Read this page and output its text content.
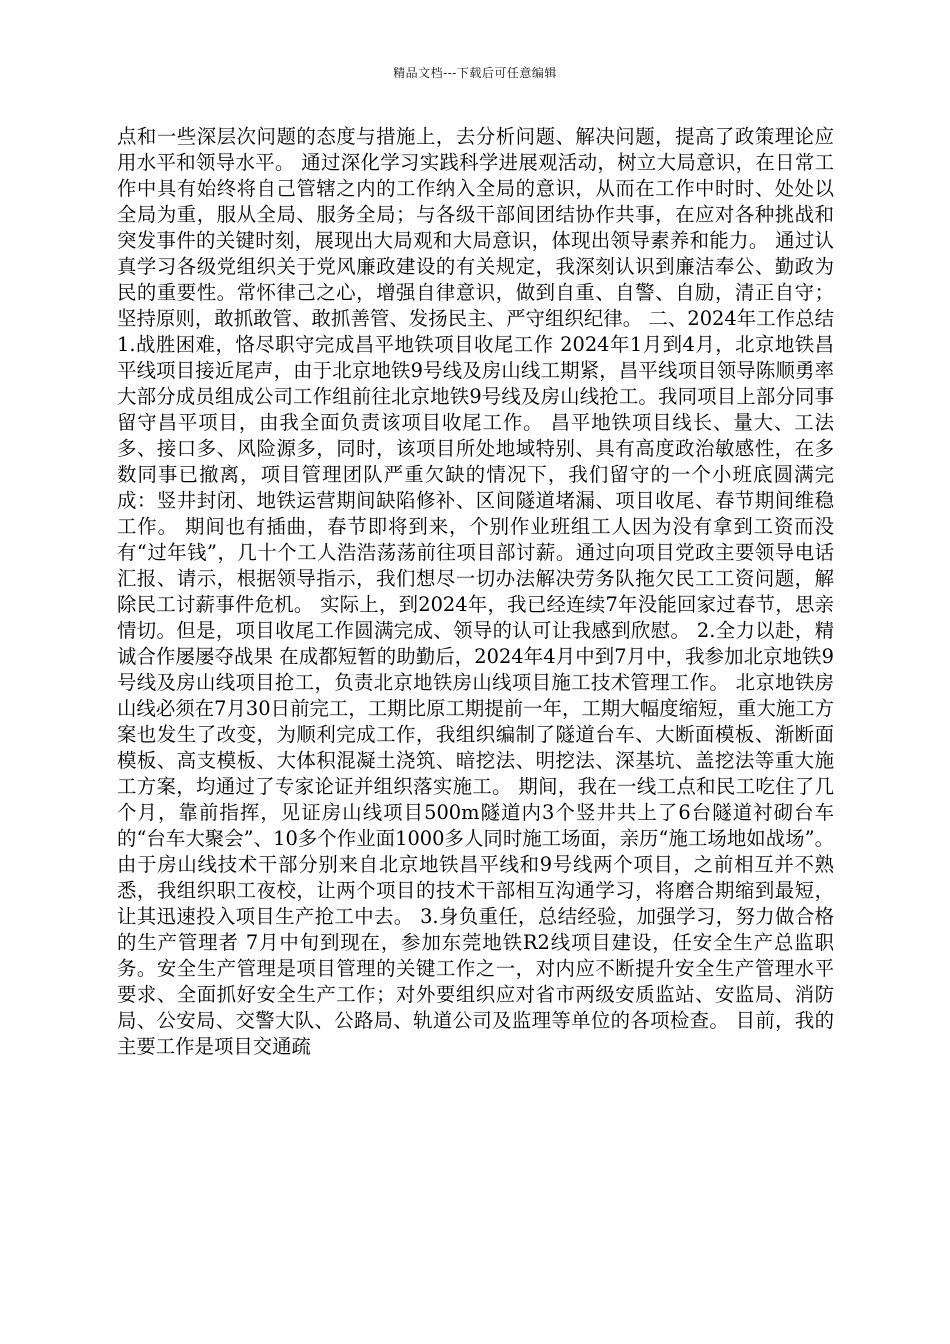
精品文档---下载后可任意编辑

点和一些深层次问题的态度与措施上，去分析问题、解决问题，提高了政策理论应用水平和领导水平。 通过深化学习实践科学进展观活动，树立大局意识，在日常工作中具有始终将自己管辖之内的工作纳入全局的意识，从而在工作中时时、处处以全局为重，服从全局、服务全局；与各级干部间团结协作共事，在应对各种挑战和突发事件的关键时刻，展现出大局观和大局意识，体现出领导素养和能力。 通过认真学习各级党组织关于党风廉政建设的有关规定，我深刻认识到廉洁奉公、勤政为民的重要性。常怀律己之心，增强自律意识，做到自重、自警、自励，清正自守；坚持原则，敢抓敢管、敢抓善管、发扬民主、严守组织纪律。 二、2024年工作总结 1.战胜困难，恪尽职守完成昌平地铁项目收尾工作 2024年1月到4月，北京地铁昌平线项目接近尾声，由于北京地铁9号线及房山线工期紧，昌平线项目领导陈顺勇率大部分成员组成公司工作组前往北京地铁9号线及房山线抢工。我同项目上部分同事留守昌平项目，由我全面负责该项目收尾工作。 昌平地铁项目线长、量大、工法多、接口多、风险源多，同时，该项目所处地域特别、具有高度政治敏感性，在多数同事已撤离，项目管理团队严重欠缺的情况下，我们留守的一个小班底圆满完成：竖井封闭、地铁运营期间缺陷修补、区间隧道堵漏、项目收尾、春节期间维稳工作。 期间也有插曲，春节即将到来，个别作业班组工人因为没有拿到工资而没有“过年钱”，几十个工人浩浩荡荡前往项目部讨薪。通过向项目党政主要领导电话汇报、请示，根据领导指示，我们想尽一切办法解决劳务队拖欠民工工资问题，解除民工讨薪事件危机。 实际上，到2024年，我已经连续7年没能回家过春节，思亲情切。但是，项目收尾工作圆满完成、领导的认可让我感到欣慰。 2.全力以赴，精诚合作屡屡夺战果 在成都短暂的助勤后，2024年4月中到7月中，我参加北京地铁9号线及房山线项目抢工，负责北京地铁房山线项目施工技术管理工作。 北京地铁房山线必须在7月30日前完工，工期比原工期提前一年，工期大幅度缩短，重大施工方案也发生了改变，为顺利完成工作，我组织编制了隧道台车、大断面模板、渐断面模板、高支模板、大体积混凝土浇筑、暗挖法、明挖法、深基坑、盖挖法等重大施工方案，均通过了专家论证并组织落实施工。 期间，我在一线工点和民工吃住了几个月，靠前指挥，见证房山线项目500m隧道内3个竖井共上了6台隧道衬砌台车的“台车大聚会”、10多个作业面1000多人同时施工场面，亲历“施工场地如战场”。由于房山线技术干部分别来自北京地铁昌平线和9号线两个项目，之前相互并不熟悉，我组织职工夜校，让两个项目的技术干部相互沟通学习，将磨合期缩到最短，让其迅速投入项目生产抢工中去。 3.身负重任，总结经验，加强学习，努力做合格的生产管理者 7月中旬到现在，参加东莞地铁R2线项目建设，任安全生产总监职务。安全生产管理是项目管理的关键工作之一，对内应不断提升安全生产管理水平要求、全面抓好安全生产工作；对外要组织应对省市两级安质监站、安监局、消防局、公安局、交警大队、公路局、轨道公司及监理等单位的各项检查。 目前，我的主要工作是项目交通疏
